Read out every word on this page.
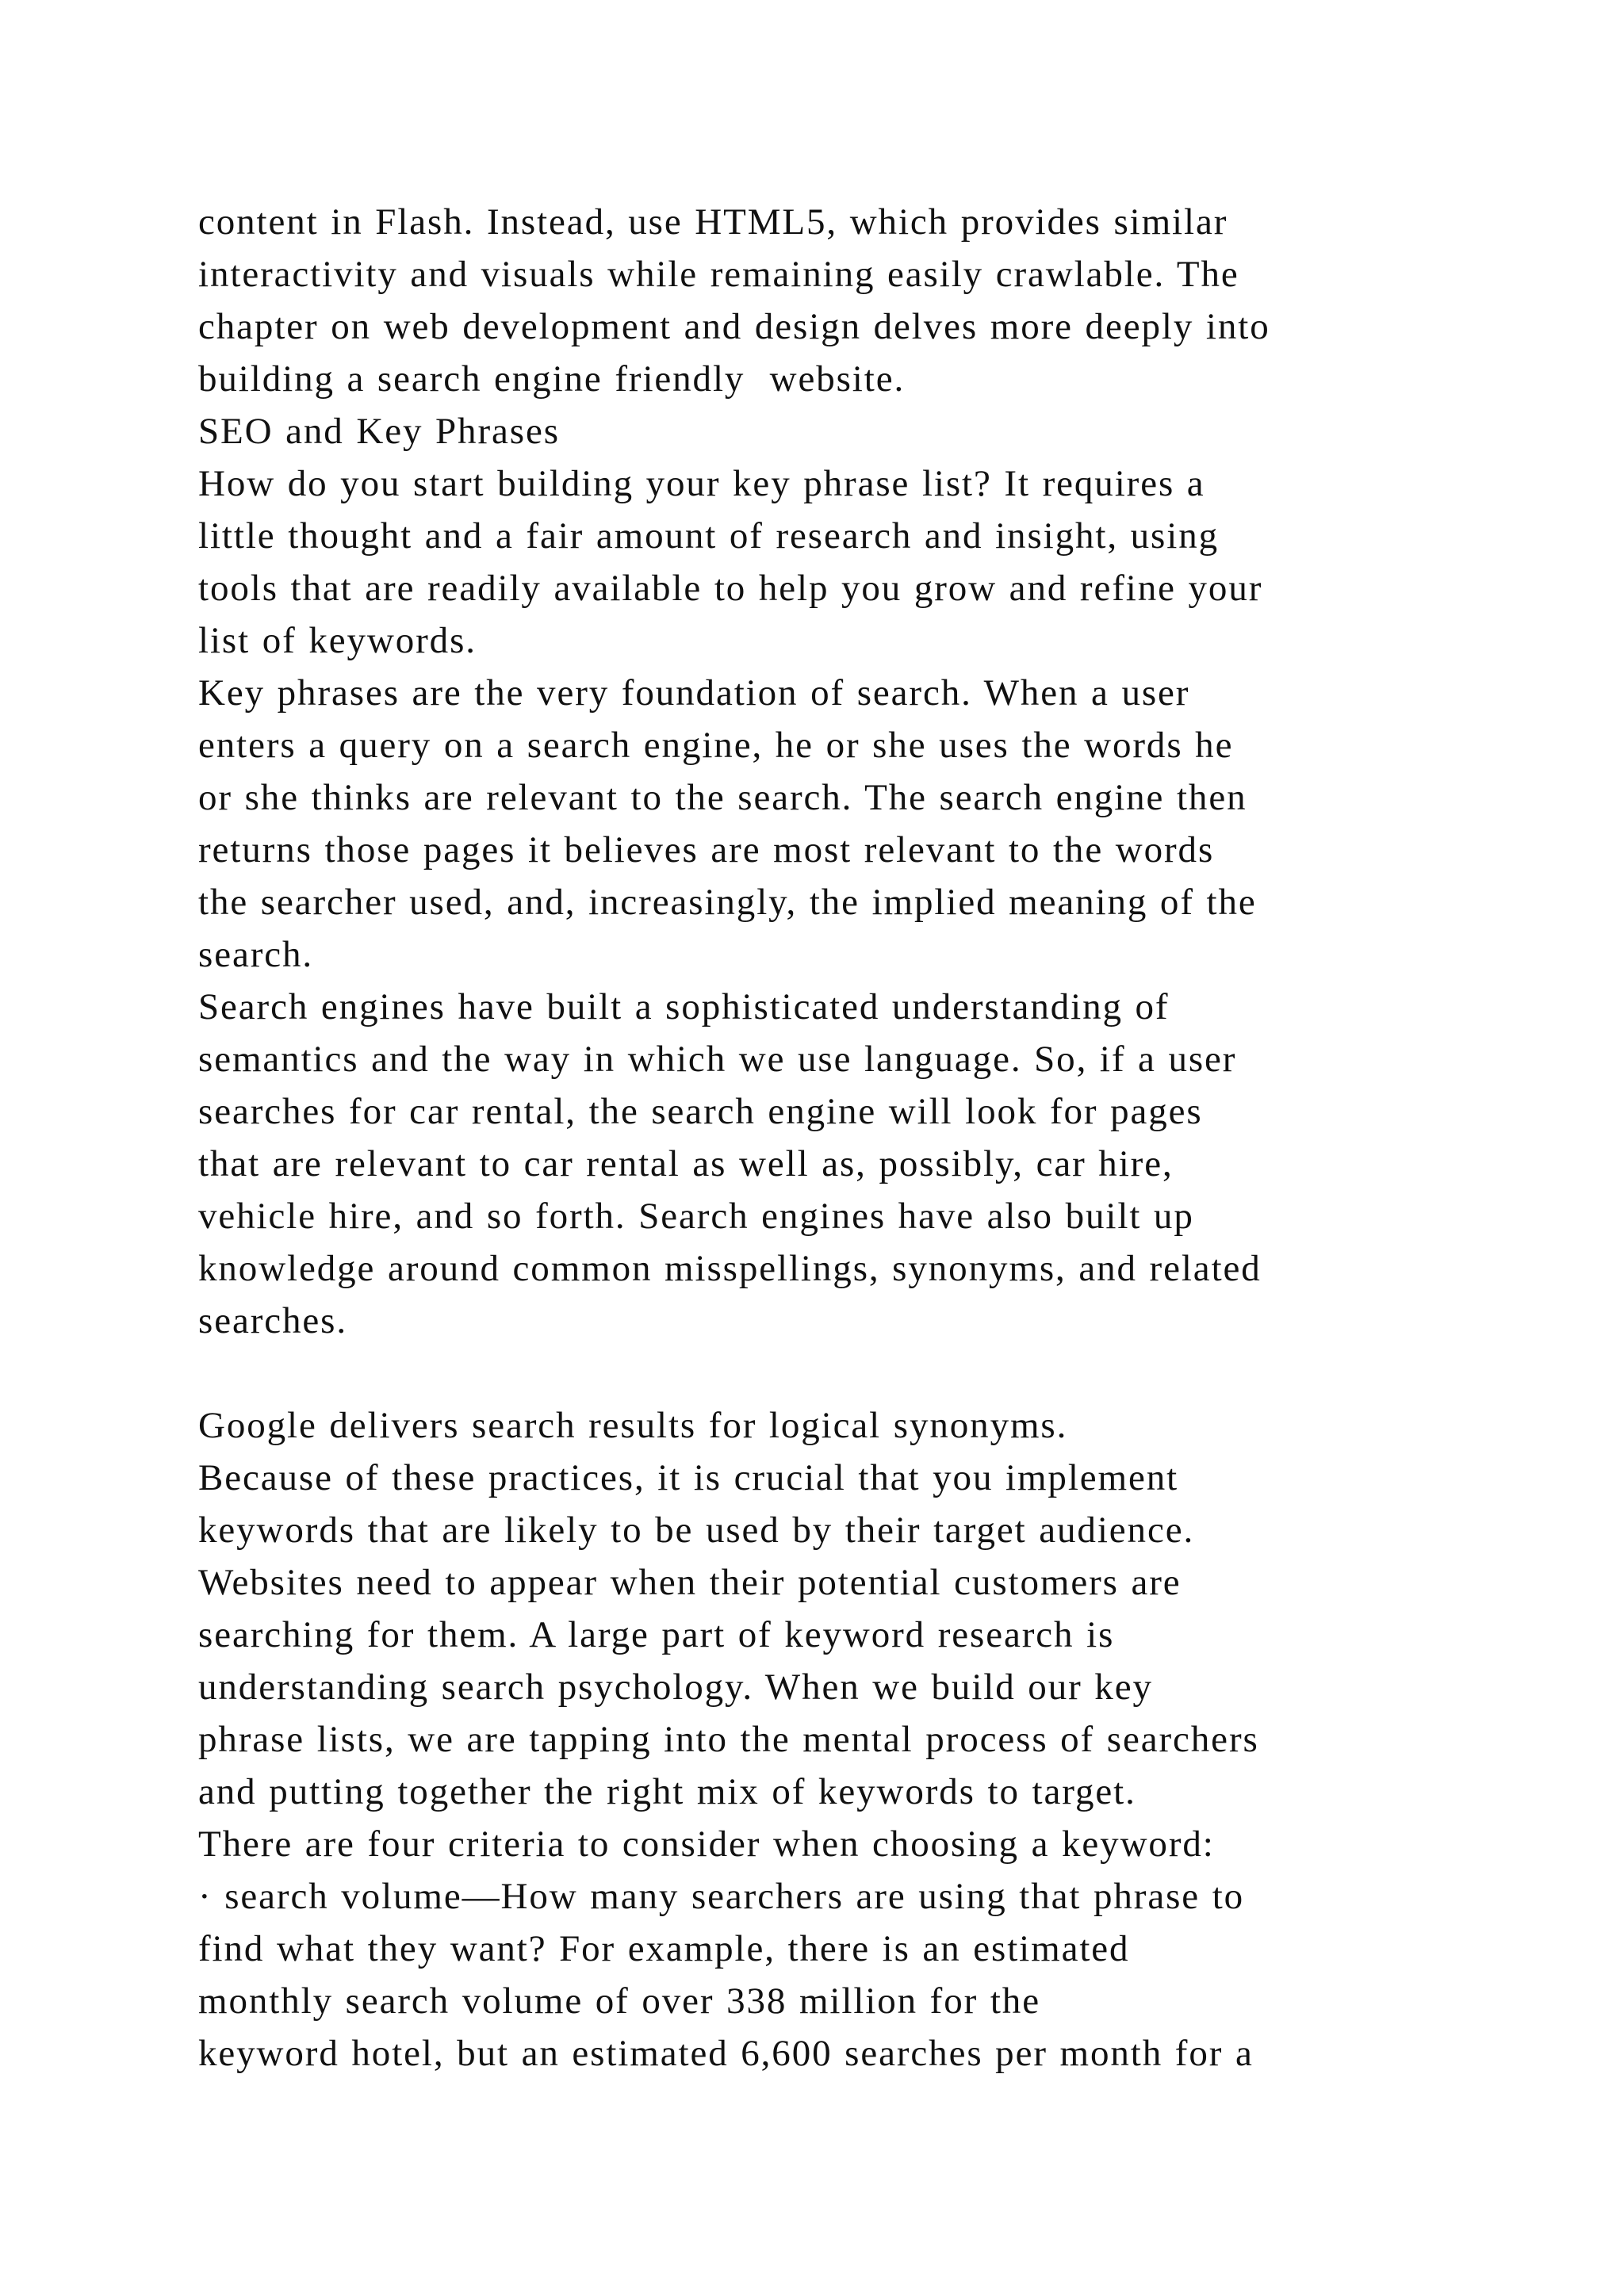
content in Flash. Instead, use HTML5, which provides similar

interactivity and visuals while remaining easily crawlable. The

chapter on web development and design delves more deeply into

building a search engine friendly  website.

SEO and Key Phrases

How do you start building your key phrase list? It requires a

little thought and a fair amount of research and insight, using

tools that are readily available to help you grow and refine your

list of keywords.

Key phrases are the very foundation of search. When a user

enters a query on a search engine, he or she uses the words he

or she thinks are relevant to the search. The search engine then

returns those pages it believes are most relevant to the words

the searcher used, and, increasingly, the implied meaning of the

search.

Search engines have built a sophisticated understanding of

semantics and the way in which we use language. So, if a user

searches for car rental, the search engine will look for pages

that are relevant to car rental as well as, possibly, car hire,

vehicle hire, and so forth. Search engines have also built up

knowledge around common misspellings, synonyms, and related

searches.

Google delivers search results for logical synonyms.

Because of these practices, it is crucial that you implement

keywords that are likely to be used by their target audience.

Websites need to appear when their potential customers are

searching for them. A large part of keyword research is

understanding search psychology. When we build our key

phrase lists, we are tapping into the mental process of searchers

and putting together the right mix of keywords to target.

There are four criteria to consider when choosing a keyword:

· search volume—How many searchers are using that phrase to

find what they want? For example, there is an estimated

monthly search volume of over 338 million for the

keyword hotel, but an estimated 6,600 searches per month for a
